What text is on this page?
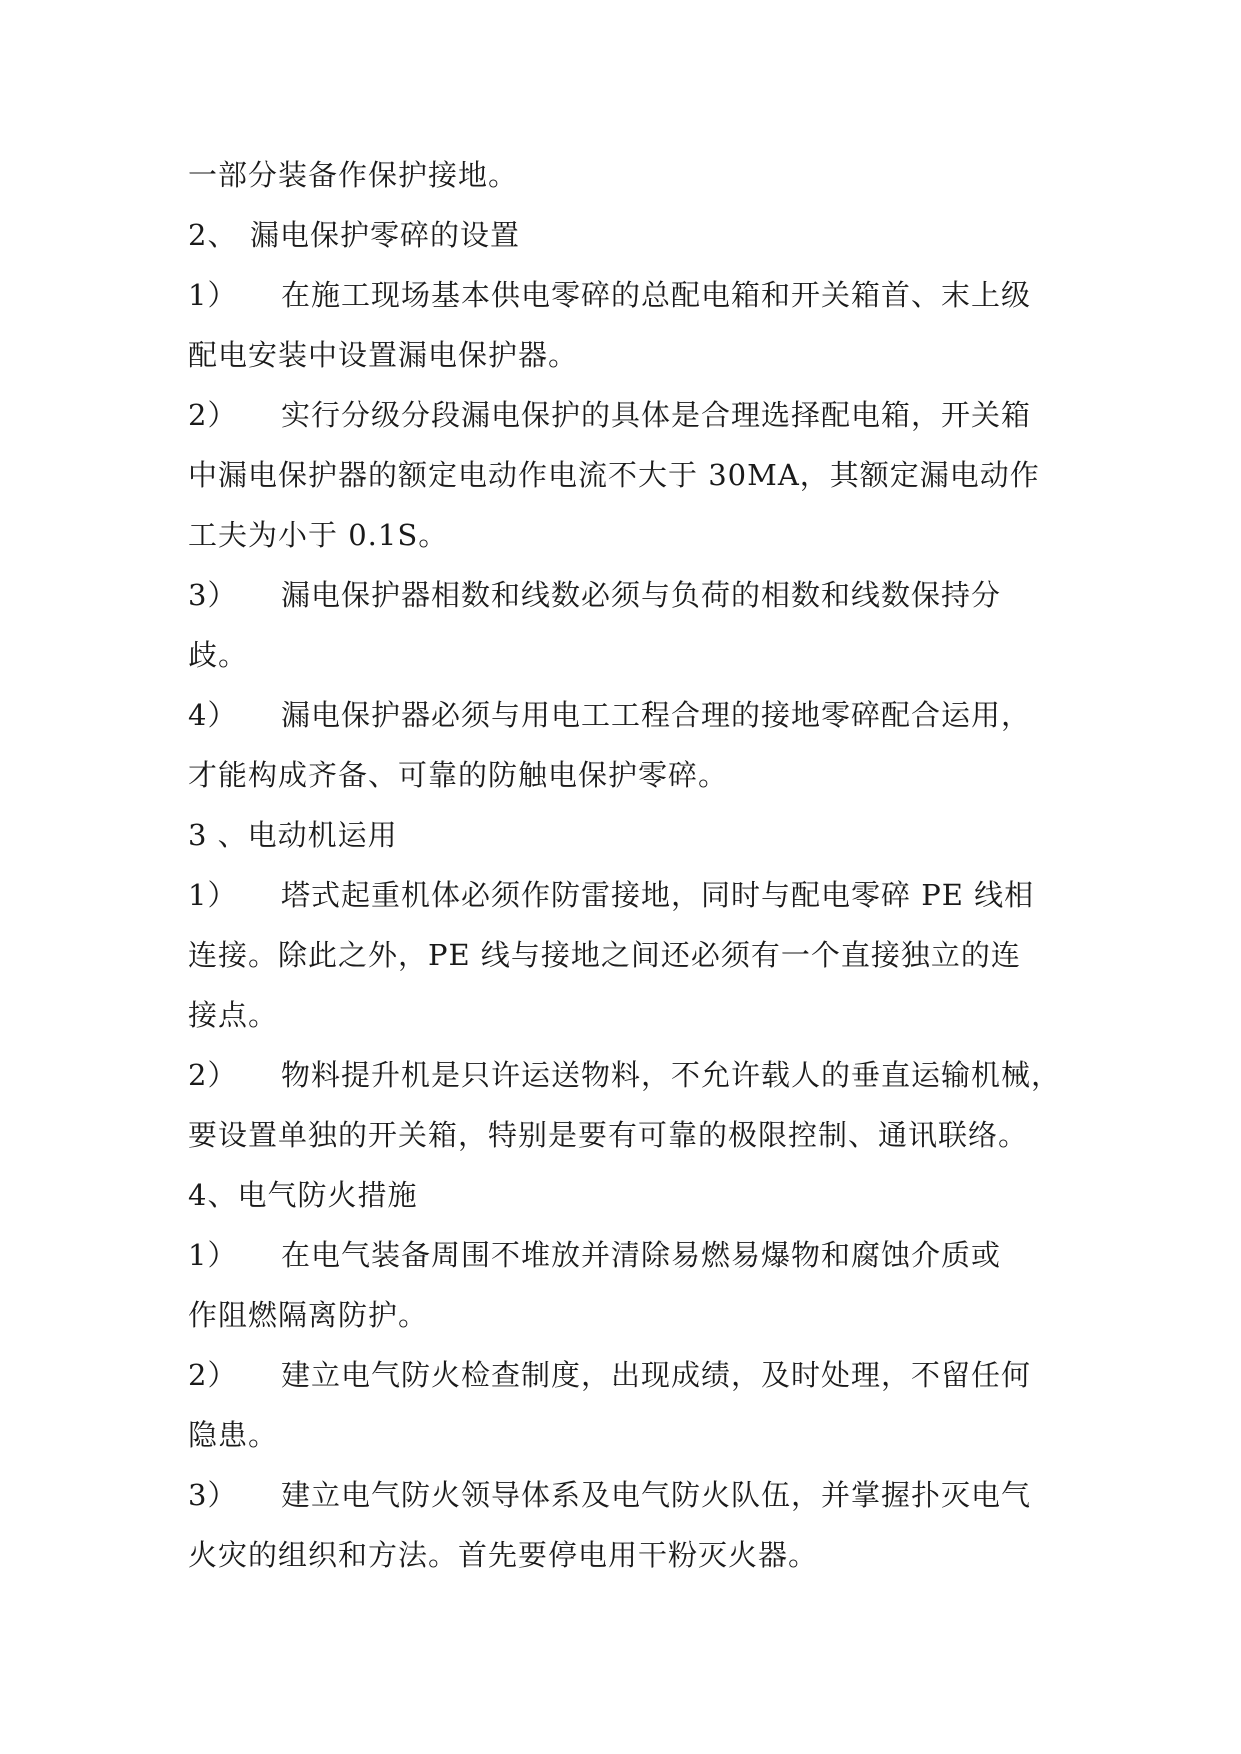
一部分装备作保护接地。
2、 漏电保护零碎的设置
1） 在施工现场基本供电零碎的总配电箱和开关箱首、末上级
配电安装中设置漏电保护器。
2） 实行分级分段漏电保护的具体是合理选择配电箱，开关箱
中漏电保护器的额定电动作电流不大于 30MA，其额定漏电动作
工夫为小于 0.1S。
3） 漏电保护器相数和线数必须与负荷的相数和线数保持分
歧。
4） 漏电保护器必须与用电工工程合理的接地零碎配合运用，
才能构成齐备、可靠的防触电保护零碎。
3 、电动机运用
1） 塔式起重机体必须作防雷接地，同时与配电零碎 PE 线相
连接。除此之外，PE 线与接地之间还必须有一个直接独立的连
接点。
2） 物料提升机是只许运送物料，不允许载人的垂直运输机械，
要设置单独的开关箱，特别是要有可靠的极限控制、通讯联络。
4、电气防火措施
1） 在电气装备周围不堆放并清除易燃易爆物和腐蚀介质或
作阻燃隔离防护。
2） 建立电气防火检查制度，出现成绩，及时处理，不留任何
隐患。
3） 建立电气防火领导体系及电气防火队伍，并掌握扑灭电气
火灾的组织和方法。首先要停电用干粉灭火器。
